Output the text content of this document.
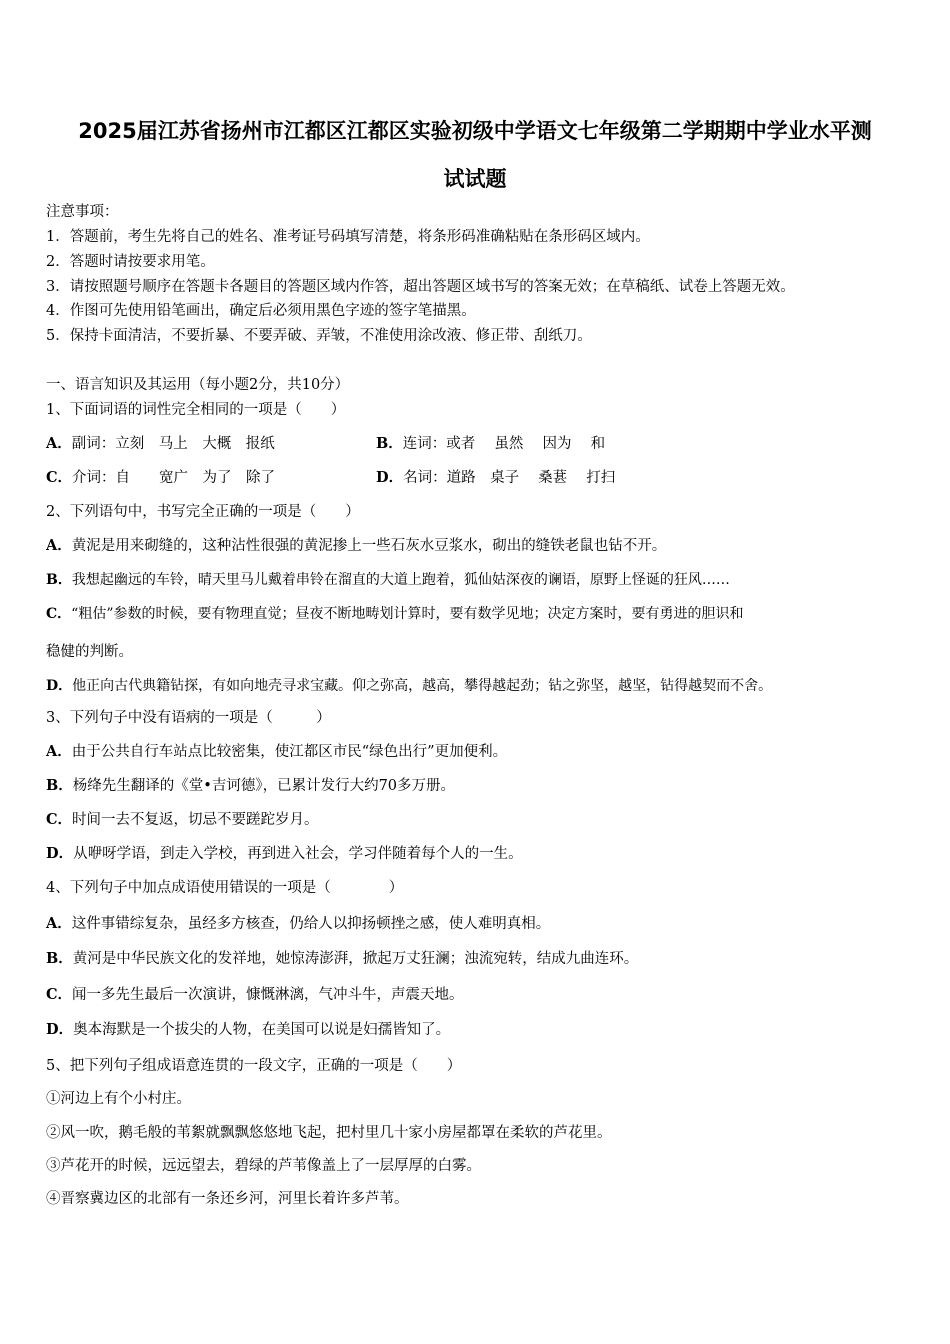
2025届江苏省扬州市江都区江都区实验初级中学语文七年级第二学期期中学业水平测
试试题
注意事项：
1．答题前，考生先将自己的姓名、准考证号码填写清楚，将条形码准确粘贴在条形码区域内。
2．答题时请按要求用笔。
3．请按照题号顺序在答题卡各题目的答题区域内作答，超出答题区域书写的答案无效；在草稿纸、试卷上答题无效。
4．作图可先使用铅笔画出，确定后必须用黑色字迹的签字笔描黑。
5．保持卡面清洁，不要折暴、不要弄破、弄皱，不准使用涂改液、修正带、刮纸刀。
一、语言知识及其运用（每小题2分，共10分）
1、下面词语的词性完全相同的一项是（　　）
A．副词：立刻　马上　大概　报纸	B．连词：或者　 虽然　 因为　 和
C．介词：自　　宽广　为了　除了	D．名词：道路　桌子　 桑葚　 打扫
2、下列语句中，书写完全正确的一项是（　　）
A．黄泥是用来砌缝的，这种沾性很强的黄泥掺上一些石灰水豆浆水，砌出的缝铁老鼠也钻不开。
B．我想起幽远的车铃，晴天里马儿戴着串铃在溜直的大道上跑着，狐仙姑深夜的谰语，原野上怪诞的狂风……
C．“粗估”参数的时候，要有物理直觉；昼夜不断地畴划计算时，要有数学见地；决定方案时，要有勇进的胆识和
稳健的判断。
D．他正向古代典籍钻探，有如向地壳寻求宝藏。仰之弥高，越高，攀得越起劲；钻之弥坚，越坚，钻得越契而不舍。
3、下列句子中没有语病的一项是（　　　）
A．由于公共自行车站点比较密集，使江都区市民“绿色出行”更加便利。
B．杨绛先生翻译的《堂•吉诃德》，已累计发行大约70多万册。
C．时间一去不复返，切忌不要蹉跎岁月。
D．从咿呀学语，到走入学校，再到进入社会，学习伴随着每个人的一生。
4、下列句子中加点成语使用错误的一项是（　　　　）
A．这件事错综复杂，虽经多方核查，仍给人以抑扬顿挫之感，使人难明真相。
B．黄河是中华民族文化的发祥地，她惊涛澎湃，掀起万丈狂澜；浊流宛转，结成九曲连环。
C．闻一多先生最后一次演讲，慷慨淋漓，气冲斗牛，声震天地。
D．奥本海默是一个拔尖的人物，在美国可以说是妇孺皆知了。
5、把下列句子组成语意连贯的一段文字，正确的一项是（　　）
①河边上有个小村庄。
②风一吹，鹅毛般的苇絮就飘飘悠悠地飞起，把村里几十家小房屋都罩在柔软的芦花里。
③芦花开的时候，远远望去，碧绿的芦苇像盖上了一层厚厚的白雾。
④晋察冀边区的北部有一条还乡河，河里长着许多芦苇。
